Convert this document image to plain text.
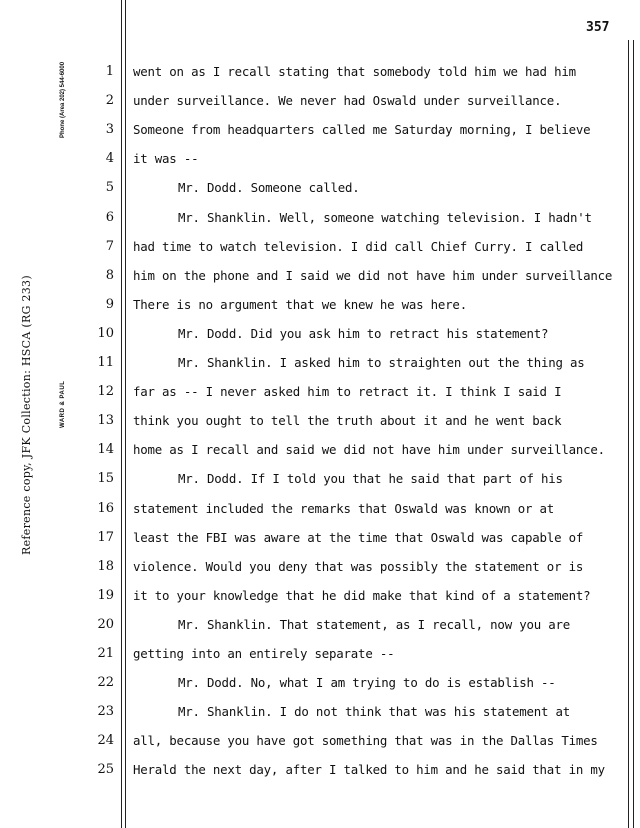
357
Reference copy, JFK Collection: HSCA (RG 233)
Phone (Area 202) 544-6000
WARD & PAUL
1 went on as I recall stating that somebody told him we had him
2 under surveillance. We never had Oswald under surveillance.
3 Someone from headquarters called me Saturday morning, I believe
4 it was --
5	Mr. Dodd. Someone called.
6	Mr. Shanklin. Well, someone watching television. I hadn't
7 had time to watch television. I did call Chief Curry. I called
8 him on the phone and I said we did not have him under surveillance
9 There is no argument that we knew he was here.
10	Mr. Dodd. Did you ask him to retract his statement?
11	Mr. Shanklin. I asked him to straighten out the thing as
12 far as -- I never asked him to retract it. I think I said I
13 think you ought to tell the truth about it and he went back
14 home as I recall and said we did not have him under surveillance.
15	Mr. Dodd. If I told you that he said that part of his
16 statement included the remarks that Oswald was known or at
17 least the FBI was aware at the time that Oswald was capable of
18 violence. Would you deny that was possibly the statement or is
19 it to your knowledge that he did make that kind of a statement?
20	Mr. Shanklin. That statement, as I recall, now you are
21 getting into an entirely separate --
22	Mr. Dodd. No, what I am trying to do is establish --
23	Mr. Shanklin. I do not think that was his statement at
24 all, because you have got something that was in the Dallas Times
25 Herald the next day, after I talked to him and he said that in my
